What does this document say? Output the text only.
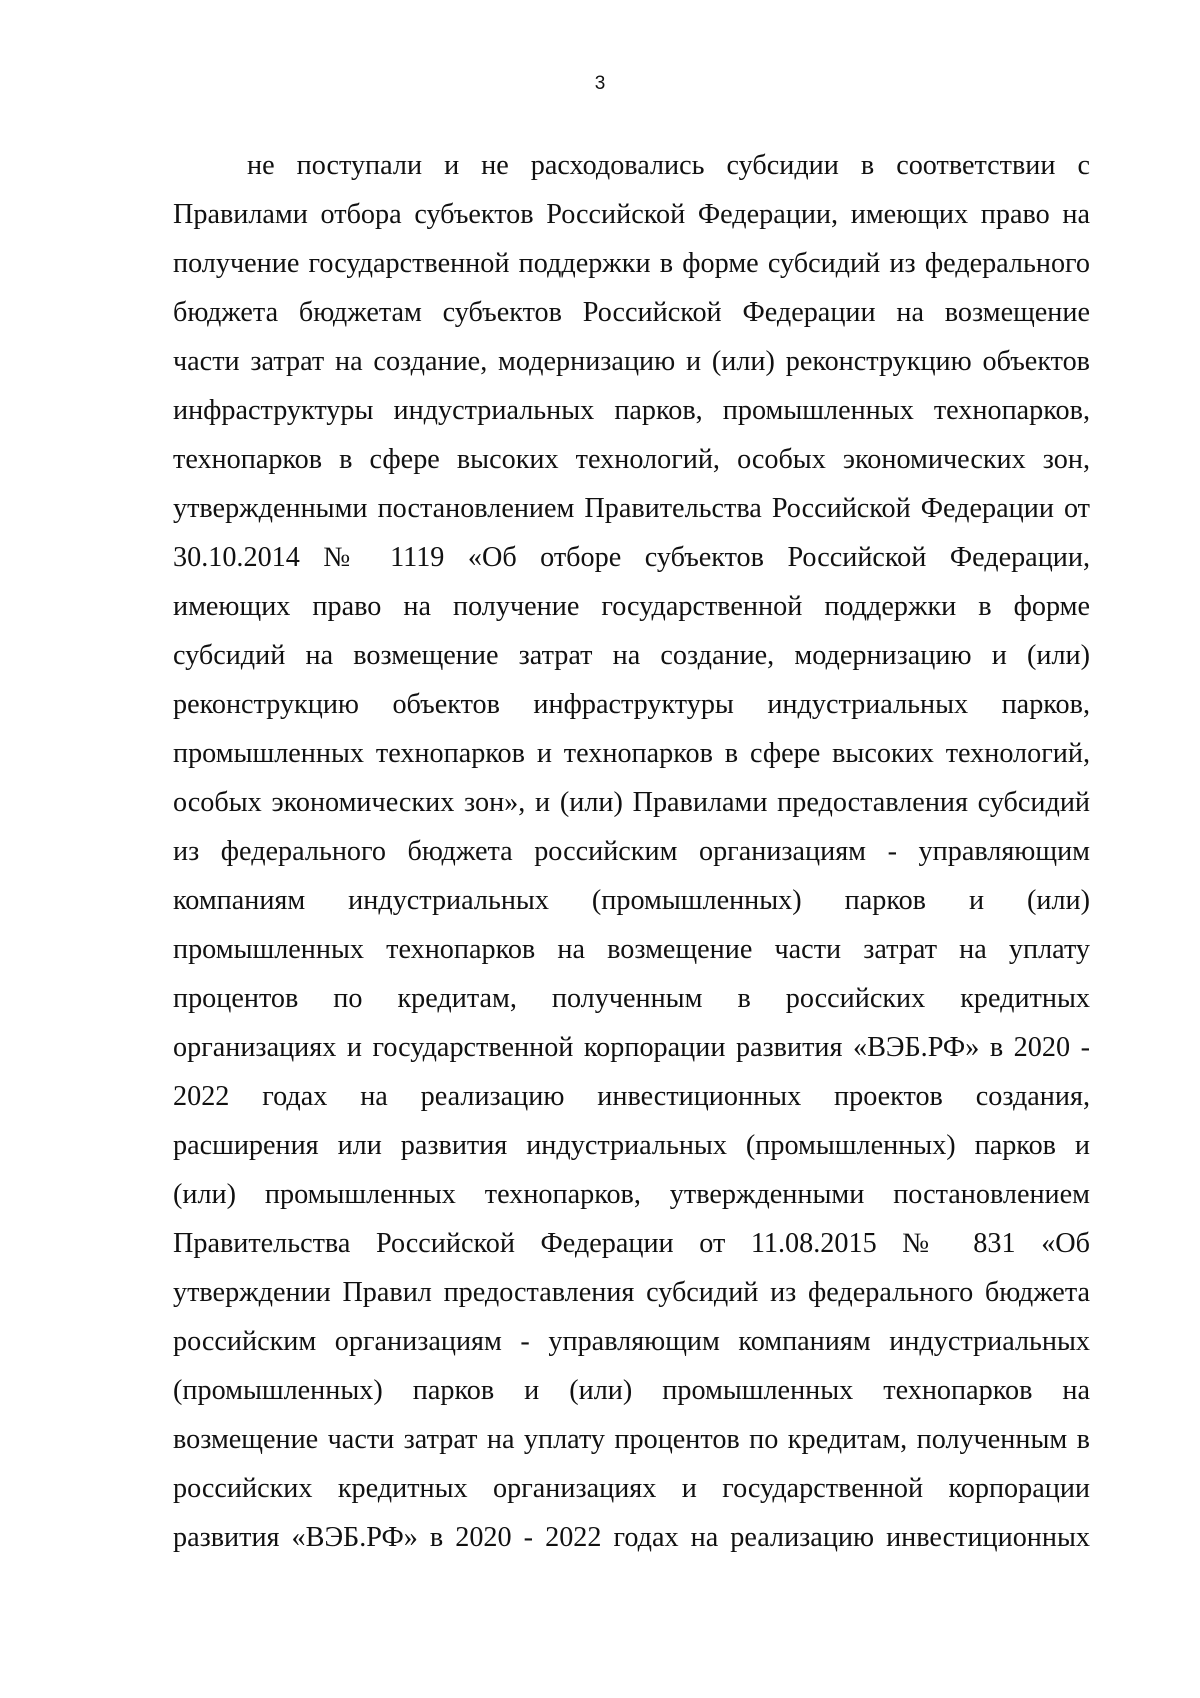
3
не поступали и не расходовались субсидии в соответствии с
Правилами отбора субъектов Российской Федерации, имеющих право на
получение государственной поддержки в форме субсидий из федерального
бюджета бюджетам субъектов Российской Федерации на возмещение
части затрат на создание, модернизацию и (или) реконструкцию объектов
инфраструктуры индустриальных парков, промышленных технопарков,
технопарков в сфере высоких технологий, особых экономических зон,
утвержденными постановлением Правительства Российской Федерации от
30.10.2014 № 1119 «Об отборе субъектов Российской Федерации,
имеющих право на получение государственной поддержки в форме
субсидий на возмещение затрат на создание, модернизацию и (или)
реконструкцию объектов инфраструктуры индустриальных парков,
промышленных технопарков и технопарков в сфере высоких технологий,
особых экономических зон», и (или) Правилами предоставления субсидий
из федерального бюджета российским организациям - управляющим
компаниям индустриальных (промышленных) парков и (или)
промышленных технопарков на возмещение части затрат на уплату
процентов по кредитам, полученным в российских кредитных
организациях и государственной корпорации развития «ВЭБ.РФ» в 2020 -
2022 годах на реализацию инвестиционных проектов создания,
расширения или развития индустриальных (промышленных) парков и
(или) промышленных технопарков, утвержденными постановлением
Правительства Российской Федерации от 11.08.2015 № 831 «Об
утверждении Правил предоставления субсидий из федерального бюджета
российским организациям - управляющим компаниям индустриальных
(промышленных) парков и (или) промышленных технопарков на
возмещение части затрат на уплату процентов по кредитам, полученным в
российских кредитных организациях и государственной корпорации
развития «ВЭБ.РФ» в 2020 - 2022 годах на реализацию инвестиционных
